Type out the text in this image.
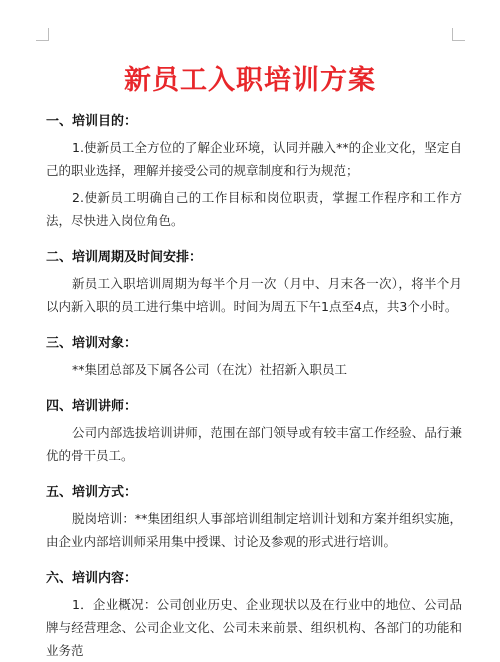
新员工入职培训方案
一、培训目的：

1.使新员工全方位的了解企业环境，认同并融入**的企业文化，坚定自己的职业选择，理解并接受公司的规章制度和行为规范；

2.使新员工明确自己的工作目标和岗位职责，掌握工作程序和工作方法，尽快进入岗位角色。

二、培训周期及时间安排：

新员工入职培训周期为每半个月一次（月中、月末各一次），将半个月以内新入职的员工进行集中培训。时间为周五下午1点至4点，共3个小时。

三、培训对象：

**集团总部及下属各公司（在沈）社招新入职员工

四、培训讲师：

公司内部选拔培训讲师，范围在部门领导或有较丰富工作经验、品行兼优的骨干员工。

五、培训方式：

脱岗培训：**集团组织人事部培训组制定培训计划和方案并组织实施，由企业内部培训师采用集中授课、讨论及参观的形式进行培训。

六、培训内容：

1．企业概况：公司创业历史、企业现状以及在行业中的地位、公司品牌与经营理念、公司企业文化、公司未来前景、组织机构、各部门的功能和业务范
